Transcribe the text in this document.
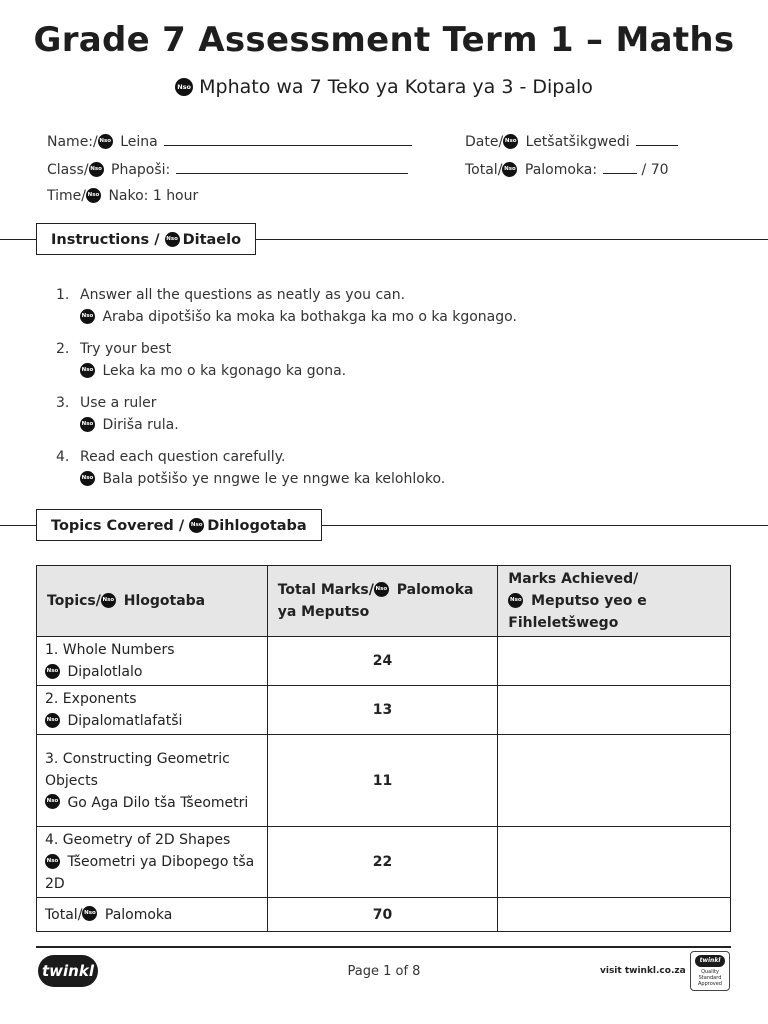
Grade 7 Assessment Term 1 – Maths
Nso Mphato wa 7 Teko ya Kotara ya 3 - Dipalo
Name:/ Nso Leina
Class/ Nso Phapoši:
Time/ Nso Nako: 1 hour
Date/ Nso Letšatšikgwedi
Total/ Nso Palomoka:	/ 70
Instructions / Nso Ditaelo
1. Answer all the questions as neatly as you can.
Nso Araba dipotšišo ka moka ka bothakga ka mo o ka kgonago.
2. Try your best
Nso Leka ka mo o ka kgonago ka gona.
3. Use a ruler
Nso Diriša rula.
4. Read each question carefully.
Nso Bala potšišo ye nngwe le ye nngwe ka kelohloko.
Topics Covered / Nso Dihlogotaba
Topics/ Nso Hlogotaba	Total Marks/ Nso Palomoka ya Meputso	Marks Achieved/
Nso Meputso yeo e Fihleletšwego
1. Whole Numbers
Nso Dipalotlalo	24	
2. Exponents
Nso Dipalomatlafatši	13	
3. Constructing Geometric Objects
Nso Go Aga Dilo tša Tšeometri	11	
4. Geometry of 2D Shapes
Nso Tšeometri ya Dibopego tša 2D	22	
Total/ Nso Palomoka	70	
twinkl	Page 1 of 8	visit twinkl.co.za
twinkl
Quality Standard Approved
